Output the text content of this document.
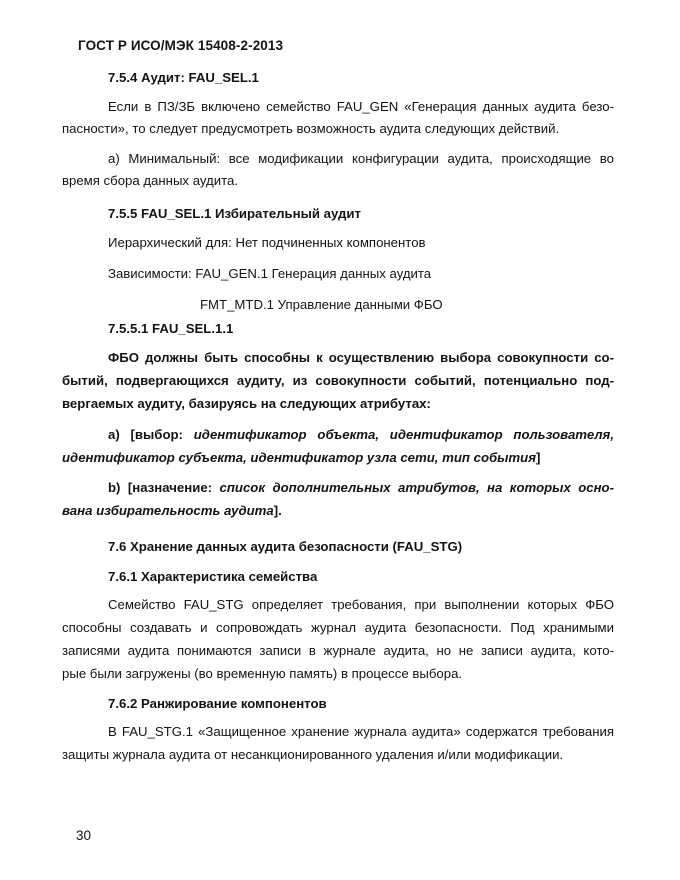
ГОСТ Р ИСО/МЭК 15408-2-2013
7.5.4 Аудит: FAU_SEL.1
Если в ПЗ/ЗБ включено семейство FAU_GEN «Генерация данных аудита безо-
пасности», то следует предусмотреть возможность аудита следующих действий.
а) Минимальный: все модификации конфигурации аудита, происходящие во
время сбора данных аудита.
7.5.5 FAU_SEL.1 Избирательный аудит
Иерархический для: Нет подчиненных компонентов
Зависимости: FAU_GEN.1 Генерация данных аудита
FMT_MTD.1 Управление данными ФБО
7.5.5.1 FAU_SEL.1.1
ФБО должны быть способны к осуществлению выбора совокупности со-
бытий, подвергающихся аудиту, из совокупности событий, потенциально под-
вергаемых аудиту, базируясь на следующих атрибутах:
а) [выбор: идентификатор объекта, идентификатор пользователя,
идентификатор субъекта, идентификатор узла сети, тип события]
b) [назначение: список дополнительных атрибутов, на которых осно-
вана избирательность аудита].
7.6 Хранение данных аудита безопасности (FAU_STG)
7.6.1 Характеристика семейства
Семейство FAU_STG определяет требования, при выполнении которых ФБО
способны создавать и сопровождать журнал аудита безопасности. Под хранимыми
записями аудита понимаются записи в журнале аудита, но не записи аудита, кото-
рые были загружены (во временную память) в процессе выбора.
7.6.2 Ранжирование компонентов
В FAU_STG.1 «Защищенное хранение журнала аудита» содержатся требования
защиты журнала аудита от несанкционированного удаления и/или модификации.
30
